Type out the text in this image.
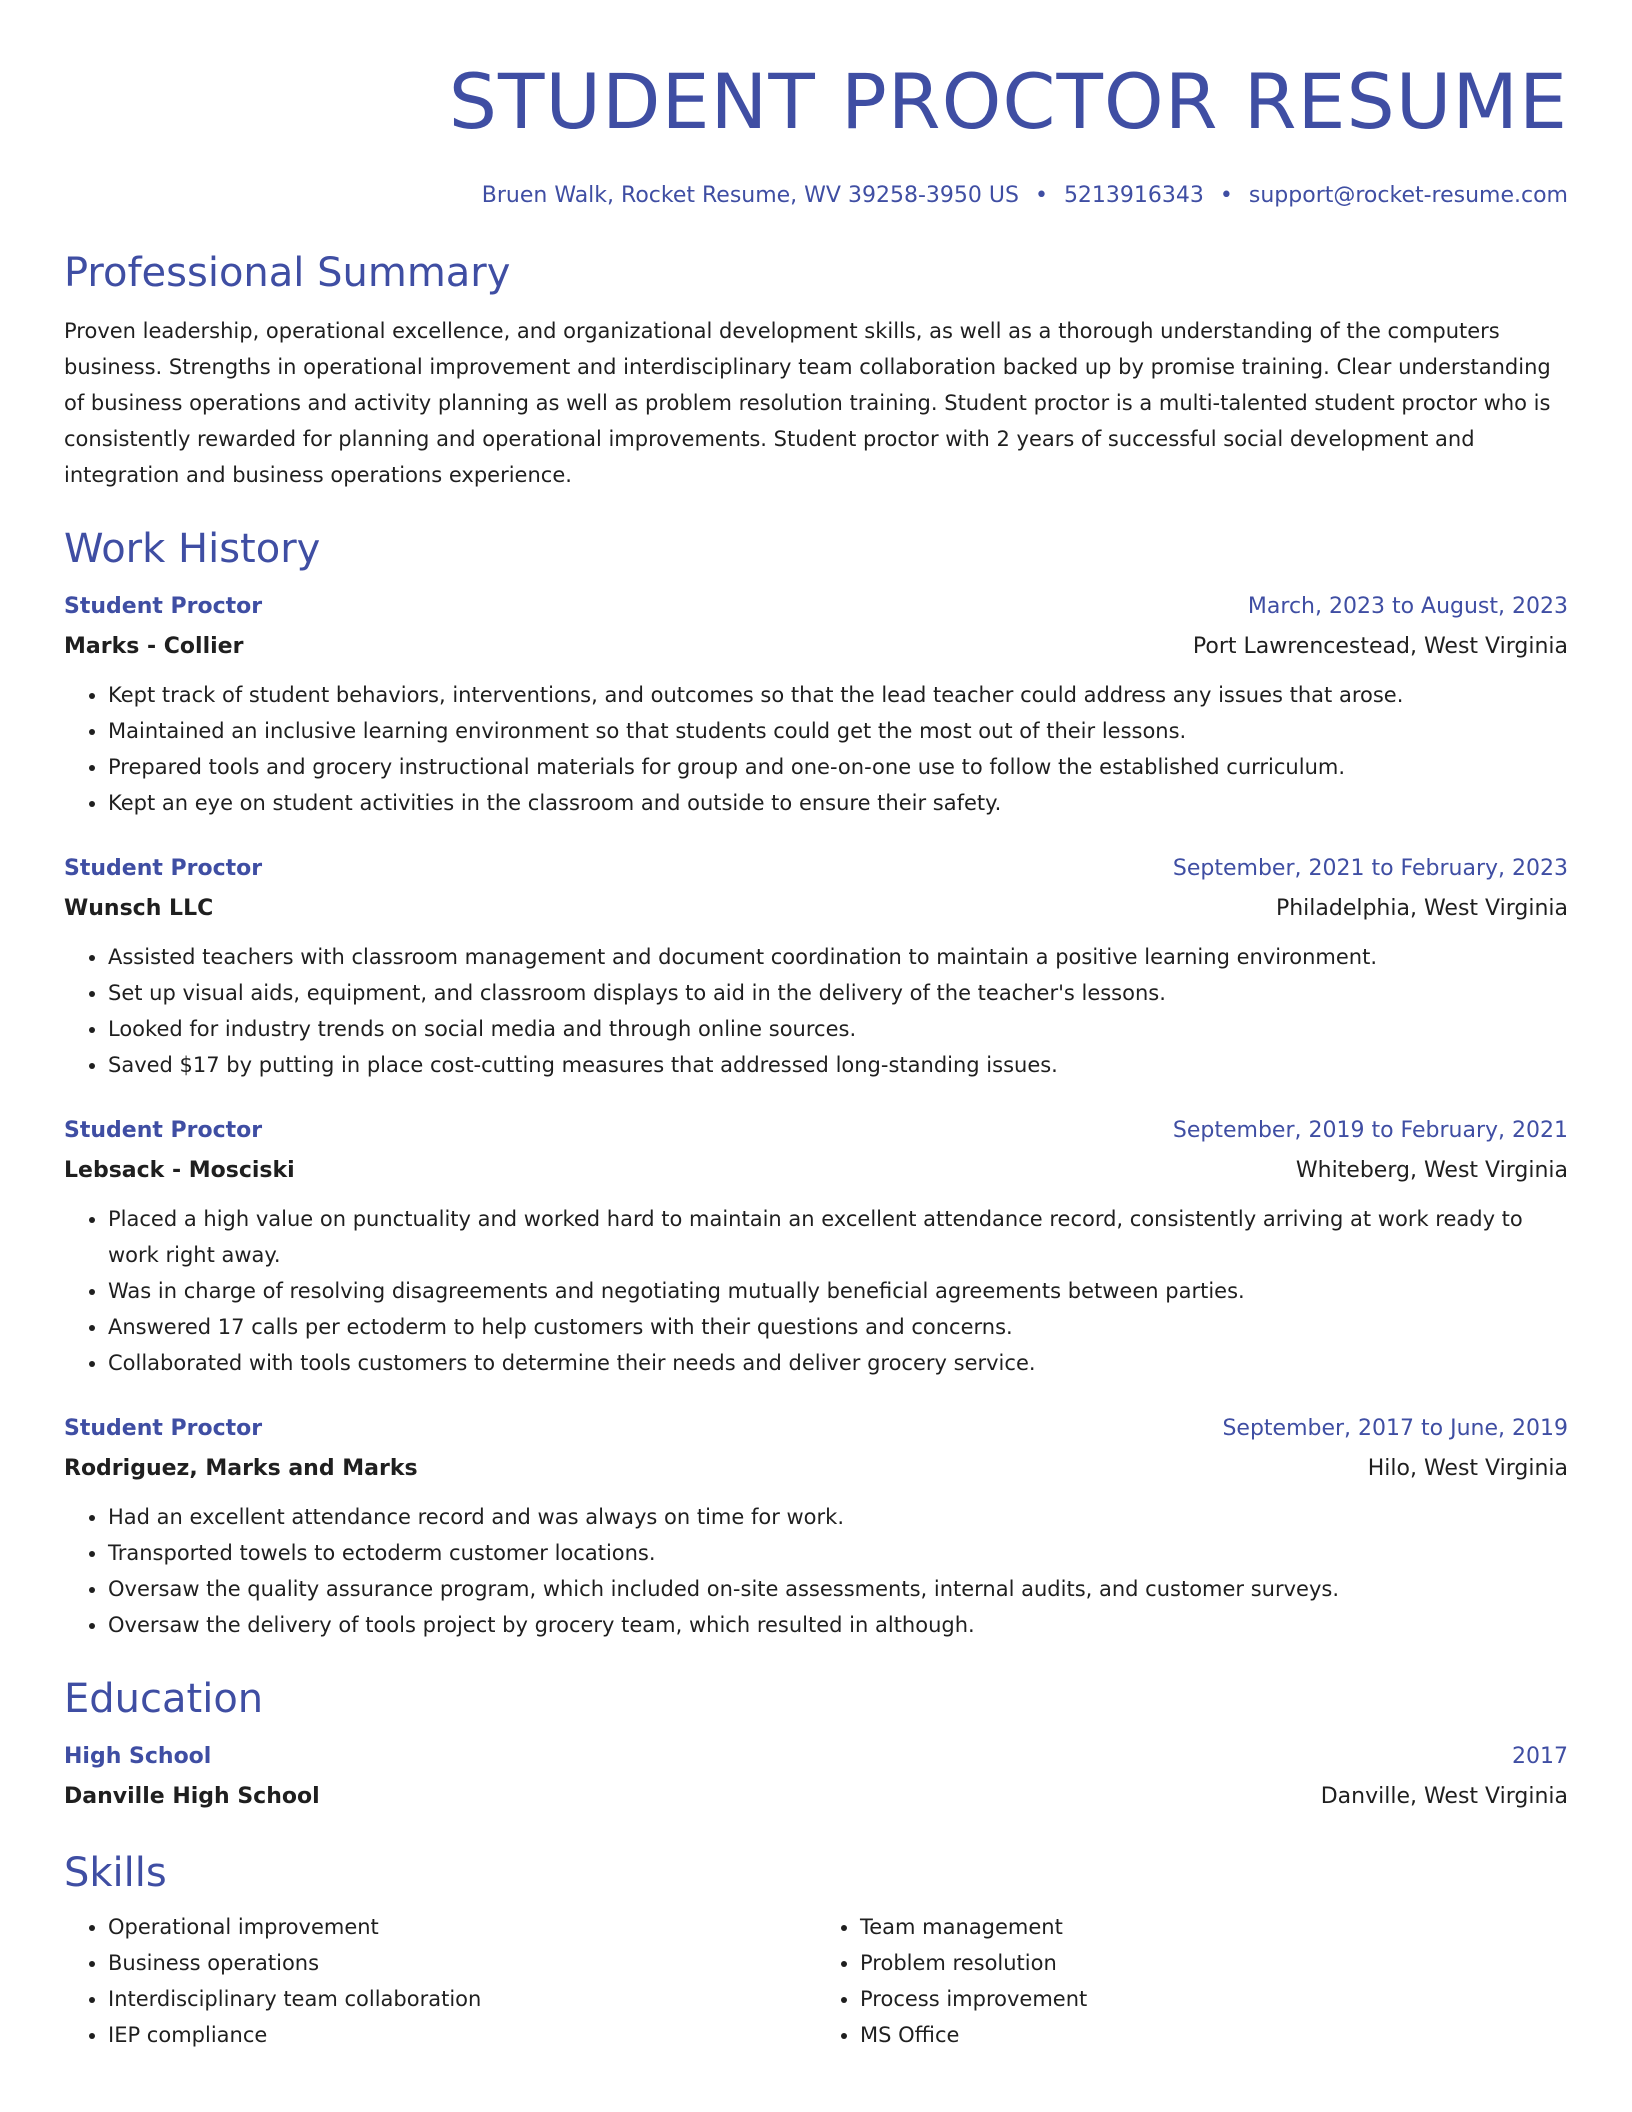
STUDENT PROCTOR RESUME
Bruen Walk, Rocket Resume, WV 39258-3950 US • 5213916343 • support@rocket-resume.com
Professional Summary
Proven leadership, operational excellence, and organizational development skills, as well as a thorough understanding of the computers business. Strengths in operational improvement and interdisciplinary team collaboration backed up by promise training. Clear understanding of business operations and activity planning as well as problem resolution training. Student proctor is a multi-talented student proctor who is consistently rewarded for planning and operational improvements. Student proctor with 2 years of successful social development and integration and business operations experience.
Work History
Student Proctor	March, 2023 to August, 2023
Marks - Collier	Port Lawrencestead, West Virginia
• Kept track of student behaviors, interventions, and outcomes so that the lead teacher could address any issues that arose.
• Maintained an inclusive learning environment so that students could get the most out of their lessons.
• Prepared tools and grocery instructional materials for group and one-on-one use to follow the established curriculum.
• Kept an eye on student activities in the classroom and outside to ensure their safety.
Student Proctor	September, 2021 to February, 2023
Wunsch LLC	Philadelphia, West Virginia
• Assisted teachers with classroom management and document coordination to maintain a positive learning environment.
• Set up visual aids, equipment, and classroom displays to aid in the delivery of the teacher's lessons.
• Looked for industry trends on social media and through online sources.
• Saved $17 by putting in place cost-cutting measures that addressed long-standing issues.
Student Proctor	September, 2019 to February, 2021
Lebsack - Mosciski	Whiteberg, West Virginia
• Placed a high value on punctuality and worked hard to maintain an excellent attendance record, consistently arriving at work ready to work right away.
• Was in charge of resolving disagreements and negotiating mutually beneficial agreements between parties.
• Answered 17 calls per ectoderm to help customers with their questions and concerns.
• Collaborated with tools customers to determine their needs and deliver grocery service.
Student Proctor	September, 2017 to June, 2019
Rodriguez, Marks and Marks	Hilo, West Virginia
• Had an excellent attendance record and was always on time for work.
• Transported towels to ectoderm customer locations.
• Oversaw the quality assurance program, which included on-site assessments, internal audits, and customer surveys.
• Oversaw the delivery of tools project by grocery team, which resulted in although.
Education
High School	2017
Danville High School	Danville, West Virginia
Skills
• Operational improvement
• Business operations
• Interdisciplinary team collaboration
• IEP compliance
• Team management
• Problem resolution
• Process improvement
• MS Office
